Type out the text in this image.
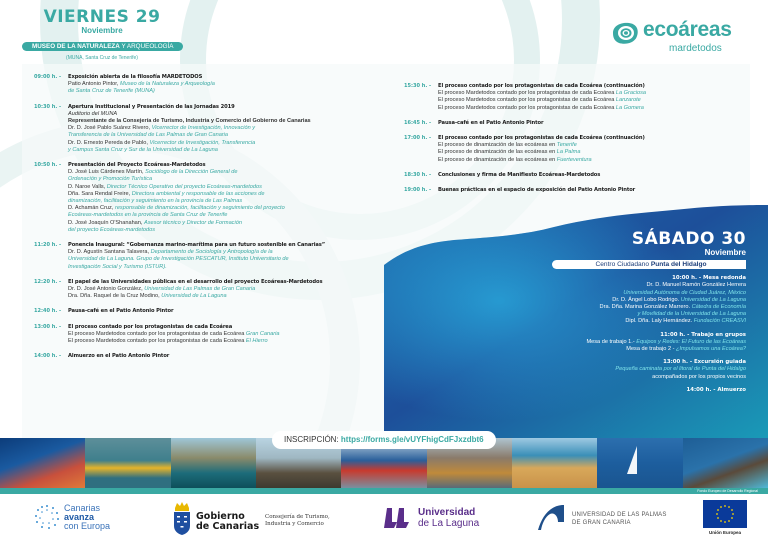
VIERNES 29
Noviembre
MUSEO DE LA NATURALEZA Y ARQUEOLOGÍA
(MUNA, Santa Cruz de Tenerife)
ecoáreas
mardetodos
09:00 h. - Exposición abierta de la filosofía MARDETODOS
Patio Antonio Pintor, Museo de la Naturaleza y Arqueología
de Santa Cruz de Tenerife (MUNA)
10:30 h. - Apertura Institucional y Presentación de las Jornadas 2019
Auditorio del MUNA
Representante de la Consejería de Turismo, Industria y Comercio del Gobierno de Canarias
Dr. D. José Pablo Suárez Rivero, Vicerrector de Investigación, Innovación y
Transferencia de la Universidad de Las Palmas de Gran Canaria
Dr. D. Ernesto Pereda de Pablo, Vicerrector de Investigación, Transferencia
y Campus Santa Cruz y Sur de la Universidad de La Laguna
10:50 h. - Presentación del Proyecto Ecoáreas-Mardetodos
D. José Luis Cárdenes Martín, Sociólogo de la Dirección General de
Ordenación y Promoción Turística
D. Naroe Valls, Director Técnico Operativo del proyecto Ecoáreas-mardetodos
Dña. Sara Rendal Freire, Directora ambiental y responsable de las acciones de
dinamización, facilitación y seguimiento en la provincia de Las Palmas
D. Achamán Cruz, responsable de dinamización, facilitación y seguimiento del proyecto
Ecoáreas-mardetodos en la provincia de Santa Cruz de Tenerife
D. José Joaquín O'Shanahan, Asesor técnico y Director de Formación
del proyecto Ecoáreas-mardetodos
11:20 h. - Ponencia Inaugural: “Gobernanza marino-marítima para un futuro sostenible en Canarias”
Dr. D. Agustín Santana Talavera, Departamento de Sociología y Antropología de la
Universidad de La Laguna. Grupo de Investigación PESCATUR, Instituto Universitario de
Investigación Social y Turismo (ISTUR).
12:20 h. - El papel de las Universidades públicas en el desarrollo del proyecto Ecoáreas-Mardetodos
Dr. D. José Antonio González, Universidad de Las Palmas de Gran Canaria
Dra. Dña. Raquel de la Cruz Modino, Universidad de La Laguna
12:40 h. - Pausa-café en el Patio Antonio Pintor
13:00 h. - El proceso contado por los protagonistas de cada Ecoárea
El proceso Mardetodos contado por los protagonistas de cada Ecoárea Gran Canaria
El proceso Mardetodos contado por los protagonistas de cada Ecoárea El Hierro
14:00 h. - Almuerzo en el Patio Antonio Pintor
15:30 h. - El proceso contado por los protagonistas de cada Ecoárea (continuación)
El proceso Mardetodos contado por los protagonistas de cada Ecoárea La Graciosa
El proceso Mardetodos contado por los protagonistas de cada Ecoárea Lanzarote
El proceso Mardetodos contado por los protagonistas de cada Ecoárea La Gomera
16:45 h. - Pausa-café en el Patio Antonio Pintor
17:00 h. - El proceso contado por los protagonistas de cada Ecoárea (continuación)
El proceso de dinamización de las ecoáreas en Tenerife
El proceso de dinamización de las ecoáreas en La Palma
El proceso de dinamización de las ecoáreas en Fuerteventura
18:30 h. - Conclusiones y firma de Manifiesto Ecoáreas-Mardetodos
19:00 h. - Buenas prácticas en el espacio de exposición del Patio Antonio Pintor
SÁBADO 30
Noviembre
Centro Ciudadano Punta del Hidalgo
10:00 h. - Mesa redonda
Dr. D. Manuel Ramón González Herrera
Universidad Autónoma de Ciudad Juárez, México
Dr. D. Ángel Lobo Rodrigo. Universidad de La Laguna
Dra. Dña. Marina González Marrero. Cátedra de Economía
y Movilidad de la Universidad de La Laguna
Dipl. Dña. Laly Hernández. Fundación CREASVI
11:00 h. - Trabajo en grupos
Mesa de trabajo 1.- Equipos y Redes: El Futuro de las Ecoáreas
Mesa de trabajo 2 - ¿Impulsamos una Ecoárea?
13:00 h. - Excursión guiada
Pequeña caminata por el litoral de Punta del Hidalgo
acompañados por los propios vecinos
14:00 h. - Almuerzo
INSCRIPCIÓN: https://forms.gle/vUYFhigCdFJxzdbt6
Fondo Europeo de Desarrollo Regional
Canarias
avanza
con Europa
Gobierno
de Canarias
Consejería de Turismo,
Industria y Comercio
Universidad
de La Laguna
UNIVERSIDAD DE LAS PALMAS
DE GRAN CANARIA
Unión Europea
